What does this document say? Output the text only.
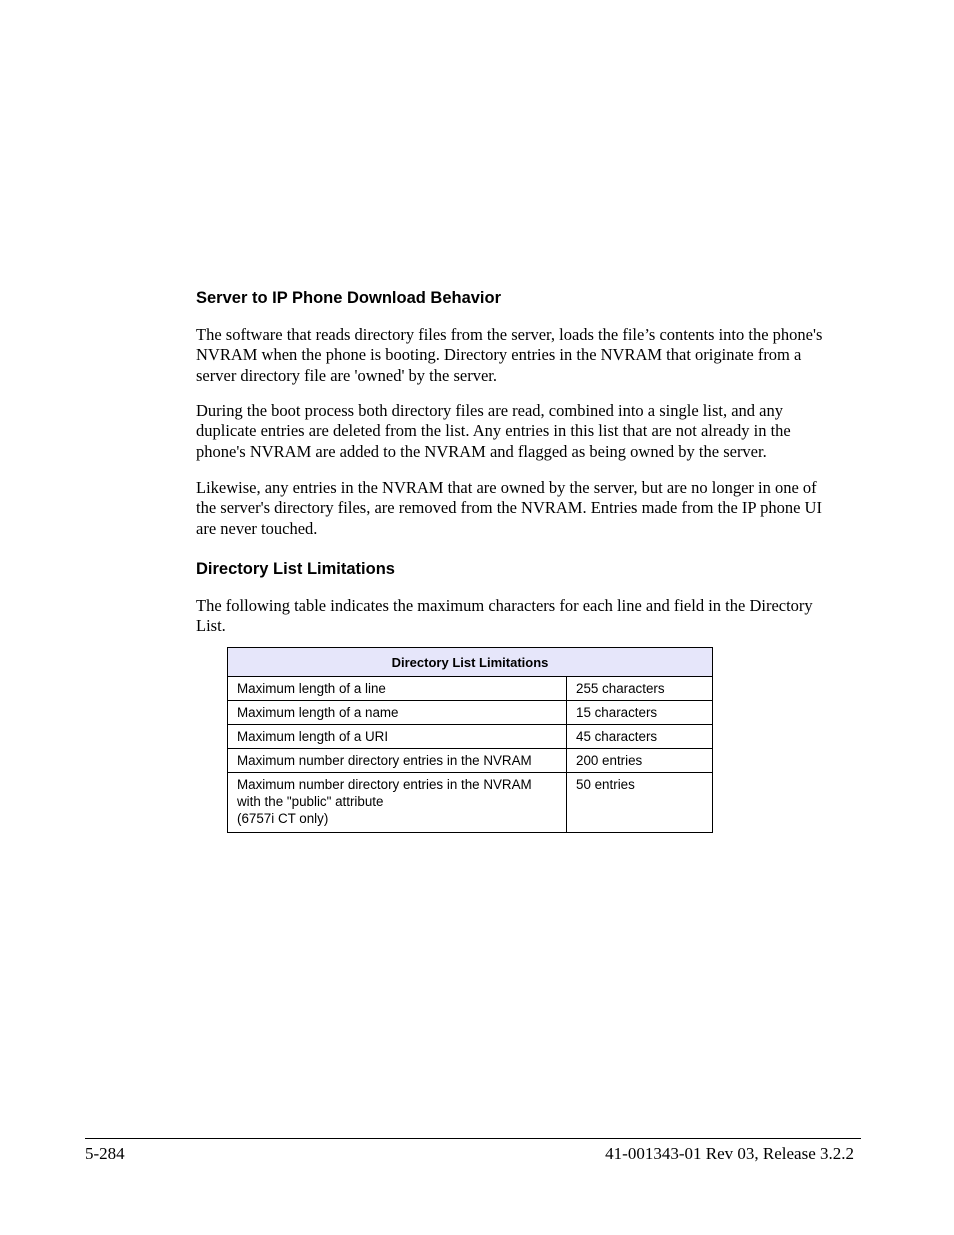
Server to IP Phone Download Behavior

The software that reads directory files from the server, loads the file’s contents into the phone's
NVRAM when the phone is booting. Directory entries in the NVRAM that originate from a
server directory file are 'owned' by the server.

During the boot process both directory files are read, combined into a single list, and any
duplicate entries are deleted from the list. Any entries in this list that are not already in the
phone's NVRAM are added to the NVRAM and flagged as being owned by the server.

Likewise, any entries in the NVRAM that are owned by the server, but are no longer in one of
the server's directory files, are removed from the NVRAM. Entries made from the IP phone UI
are never touched.

Directory List Limitations

The following table indicates the maximum characters for each line and field in the Directory
List.

Directory List Limitations	

Maximum length of a line	255 characters

Maximum length of a name	15 characters

Maximum length of a URI	45 characters

Maximum number directory entries in the NVRAM	200 entries

Maximum number directory entries in the NVRAM
with the "public" attribute
(6757i CT only)	50 entries
5-284	41-001343-01 Rev 03, Release 3.2.2
